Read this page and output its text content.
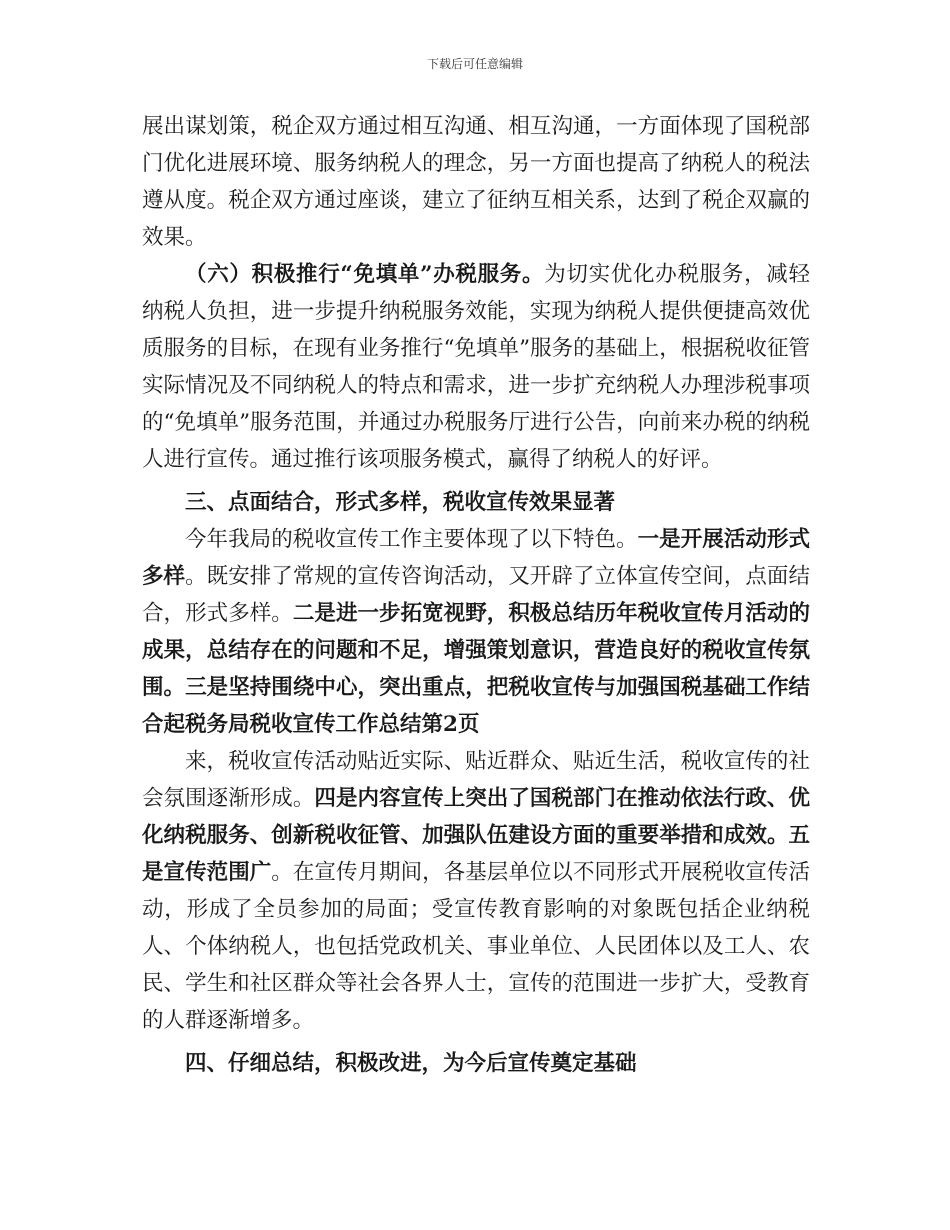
下载后可任意编辑

展出谋划策，税企双方通过相互沟通、相互沟通，一方面体现了国税部门优化进展环境、服务纳税人的理念，另一方面也提高了纳税人的税法遵从度。税企双方通过座谈，建立了征纳互相关系，达到了税企双赢的效果。

（六）积极推行“免填单”办税服务。为切实优化办税服务，减轻纳税人负担，进一步提升纳税服务效能，实现为纳税人提供便捷高效优质服务的目标，在现有业务推行“免填单”服务的基础上，根据税收征管实际情况及不同纳税人的特点和需求，进一步扩充纳税人办理涉税事项的“免填单”服务范围，并通过办税服务厅进行公告，向前来办税的纳税人进行宣传。通过推行该项服务模式，赢得了纳税人的好评。

三、点面结合，形式多样，税收宣传效果显著

今年我局的税收宣传工作主要体现了以下特色。一是开展活动形式多样。既安排了常规的宣传咨询活动，又开辟了立体宣传空间，点面结合，形式多样。二是进一步拓宽视野，积极总结历年税收宣传月活动的成果，总结存在的问题和不足，增强策划意识，营造良好的税收宣传氛围。三是坚持围绕中心，突出重点，把税收宣传与加强国税基础工作结合起税务局税收宣传工作总结第2页

来，税收宣传活动贴近实际、贴近群众、贴近生活，税收宣传的社会氛围逐渐形成。四是内容宣传上突出了国税部门在推动依法行政、优化纳税服务、创新税收征管、加强队伍建设方面的重要举措和成效。五是宣传范围广。在宣传月期间，各基层单位以不同形式开展税收宣传活动，形成了全员参加的局面；受宣传教育影响的对象既包括企业纳税人、个体纳税人，也包括党政机关、事业单位、人民团体以及工人、农民、学生和社区群众等社会各界人士，宣传的范围进一步扩大，受教育的人群逐渐增多。

四、仔细总结，积极改进，为今后宣传奠定基础
